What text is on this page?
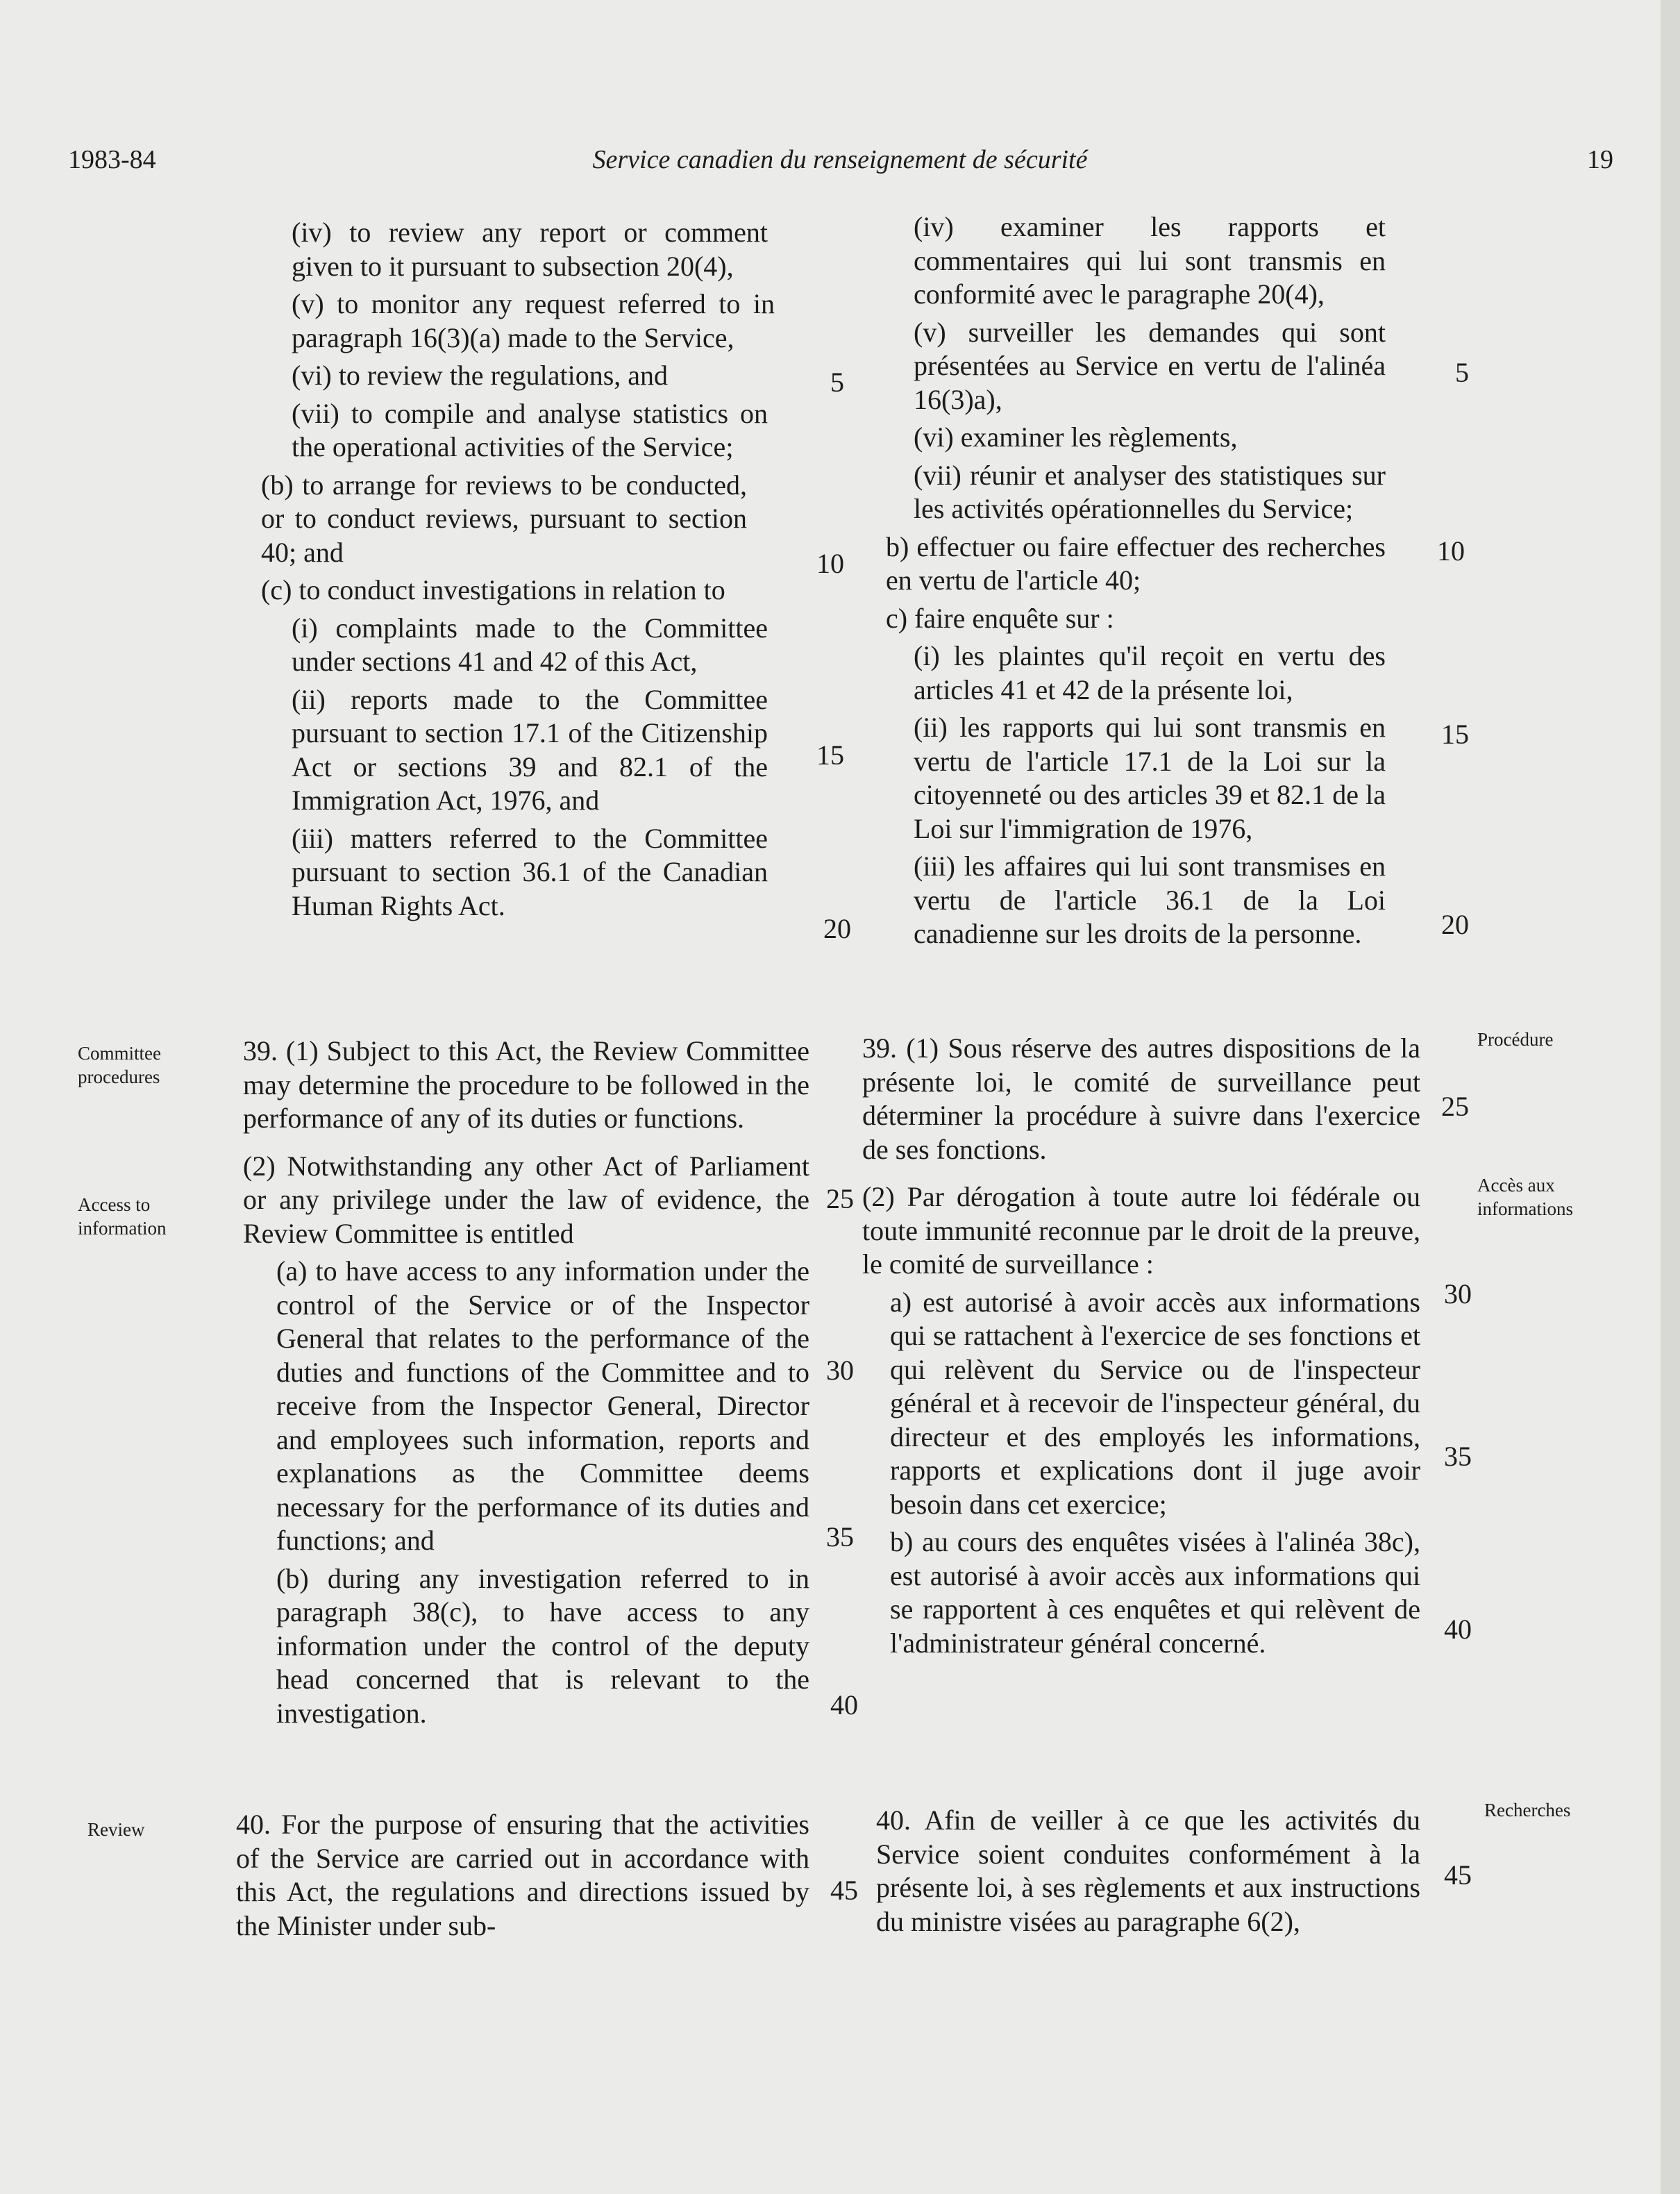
1983-84	Service canadien du renseignement de sécurité	19
Committee procedures
Access to information
Review
Procédure
Accès aux informations
Recherches
(iv) to review any report or comment given to it pursuant to subsection 20(4),
(v) to monitor any request referred to in paragraph 16(3)(a) made to the Service,
(vi) to review the regulations, and
(vii) to compile and analyse statistics on the operational activities of the Service;
(b) to arrange for reviews to be conducted, or to conduct reviews, pursuant to section 40; and
(c) to conduct investigations in relation to
(i) complaints made to the Committee under sections 41 and 42 of this Act,
(ii) reports made to the Committee pursuant to section 17.1 of the Citizenship Act or sections 39 and 82.1 of the Immigration Act, 1976, and
(iii) matters referred to the Committee pursuant to section 36.1 of the Canadian Human Rights Act.
39. (1) Subject to this Act, the Review Committee may determine the procedure to be followed in the performance of any of its duties or functions.
(2) Notwithstanding any other Act of Parliament or any privilege under the law of evidence, the Review Committee is entitled
(a) to have access to any information under the control of the Service or of the Inspector General that relates to the performance of the duties and functions of the Committee and to receive from the Inspector General, Director and employees such information, reports and explanations as the Committee deems necessary for the performance of its duties and functions; and
(b) during any investigation referred to in paragraph 38(c), to have access to any information under the control of the deputy head concerned that is relevant to the investigation.
40. For the purpose of ensuring that the activities of the Service are carried out in accordance with this Act, the regulations and directions issued by the Minister under sub-
(iv) examiner les rapports et commentaires qui lui sont transmis en conformité avec le paragraphe 20(4),
(v) surveiller les demandes qui sont présentées au Service en vertu de l'alinéa 16(3)a),
(vi) examiner les règlements,
(vii) réunir et analyser des statistiques sur les activités opérationnelles du Service;
b) effectuer ou faire effectuer des recherches en vertu de l'article 40;
c) faire enquête sur :
(i) les plaintes qu'il reçoit en vertu des articles 41 et 42 de la présente loi,
(ii) les rapports qui lui sont transmis en vertu de l'article 17.1 de la Loi sur la citoyenneté ou des articles 39 et 82.1 de la Loi sur l'immigration de 1976,
(iii) les affaires qui lui sont transmises en vertu de l'article 36.1 de la Loi canadienne sur les droits de la personne.
39. (1) Sous réserve des autres dispositions de la présente loi, le comité de surveillance peut déterminer la procédure à suivre dans l'exercice de ses fonctions.
(2) Par dérogation à toute autre loi fédérale ou toute immunité reconnue par le droit de la preuve, le comité de surveillance :
a) est autorisé à avoir accès aux informations qui se rattachent à l'exercice de ses fonctions et qui relèvent du Service ou de l'inspecteur général et à recevoir de l'inspecteur général, du directeur et des employés les informations, rapports et explications dont il juge avoir besoin dans cet exercice;
b) au cours des enquêtes visées à l'alinéa 38c), est autorisé à avoir accès aux informations qui se rapportent à ces enquêtes et qui relèvent de l'administrateur général concerné.
40. Afin de veiller à ce que les activités du Service soient conduites conformément à la présente loi, à ses règlements et aux instructions du ministre visées au paragraphe 6(2),
5
10
15
20
25
30
35
40
45
5
10
15
20
25
30
35
40
45
